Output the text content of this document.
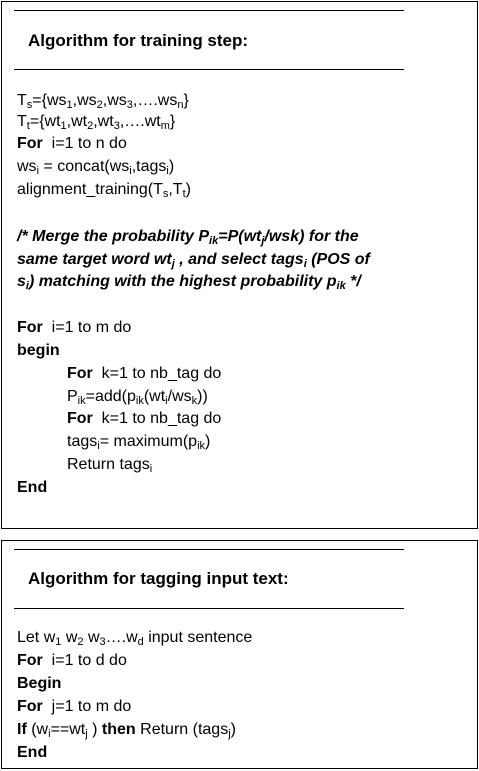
Algorithm for training step:
$T_s=\{ws_1,ws_2,ws_3,\dots.ws_n\}$
$T_t=\{wt_1,wt_2,wt_3,\dots.wt_m\}$
For i=1 to n do
$ws_i$ = $concat(ws_i,tags_i)$
$alignment\_training(T_s,T_t)$
/* Merge the probability $P_{ik}=P(wt_j/wsk)$ for the
same target word $wt_j$ , and select tags$_i$ (POS of
$s_i$) matching with the highest probability $p_{ik}$ */
For i=1 to m do
begin
For k=1 to nb_tag do
$P_{ik}=add(p_{ik}(wt_i/ws_k))$
For k=1 to nb_tag do
tags$_i$= $maximum(p_{ik})$
Return tags$_i$
End
Algorithm for tagging input text:
Let $w_1$ $w_2$ $w_3\dots.w_d$ input sentence
For i=1 to d do
Begin
For j=1 to m do
If ($w_i==wt_j$ ) then Return (tags$_j$)
End
